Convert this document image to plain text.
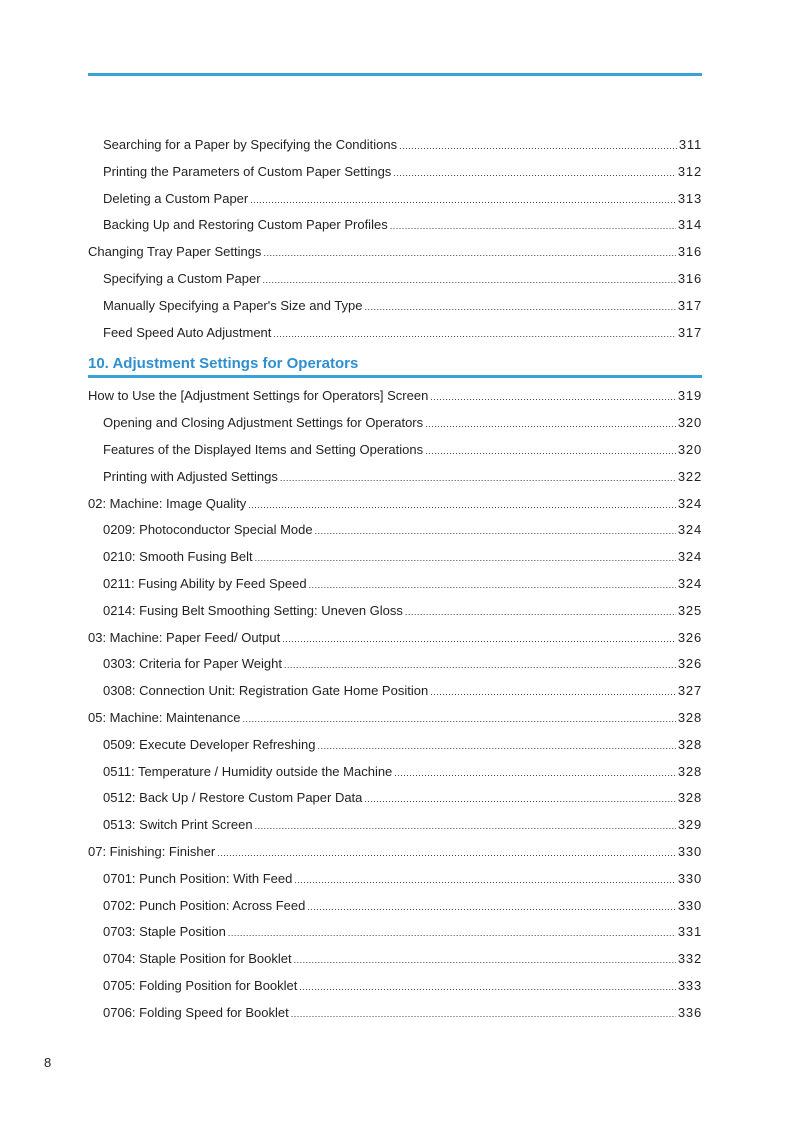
Searching for a Paper by Specifying the Conditions .....	311
Printing the Parameters of Custom Paper Settings .....	312
Deleting a Custom Paper .....	313
Backing Up and Restoring Custom Paper Profiles .....	314
Changing Tray Paper Settings .....	316
Specifying a Custom Paper .....	316
Manually Specifying a Paper's Size and Type .....	317
Feed Speed Auto Adjustment .....	317
10. Adjustment Settings for Operators
How to Use the [Adjustment Settings for Operators] Screen .....	319
Opening and Closing Adjustment Settings for Operators .....	320
Features of the Displayed Items and Setting Operations .....	320
Printing with Adjusted Settings .....	322
02: Machine: Image Quality .....	324
0209: Photoconductor Special Mode .....	324
0210: Smooth Fusing Belt .....	324
0211: Fusing Ability by Feed Speed .....	324
0214: Fusing Belt Smoothing Setting: Uneven Gloss .....	325
03: Machine: Paper Feed/ Output .....	326
0303: Criteria for Paper Weight .....	326
0308: Connection Unit: Registration Gate Home Position .....	327
05: Machine: Maintenance .....	328
0509: Execute Developer Refreshing .....	328
0511: Temperature / Humidity outside the Machine .....	328
0512: Back Up / Restore Custom Paper Data .....	328
0513: Switch Print Screen .....	329
07: Finishing: Finisher .....	330
0701: Punch Position: With Feed .....	330
0702: Punch Position: Across Feed .....	330
0703: Staple Position .....	331
0704: Staple Position for Booklet .....	332
0705: Folding Position for Booklet .....	333
0706: Folding Speed for Booklet .....	336
8
